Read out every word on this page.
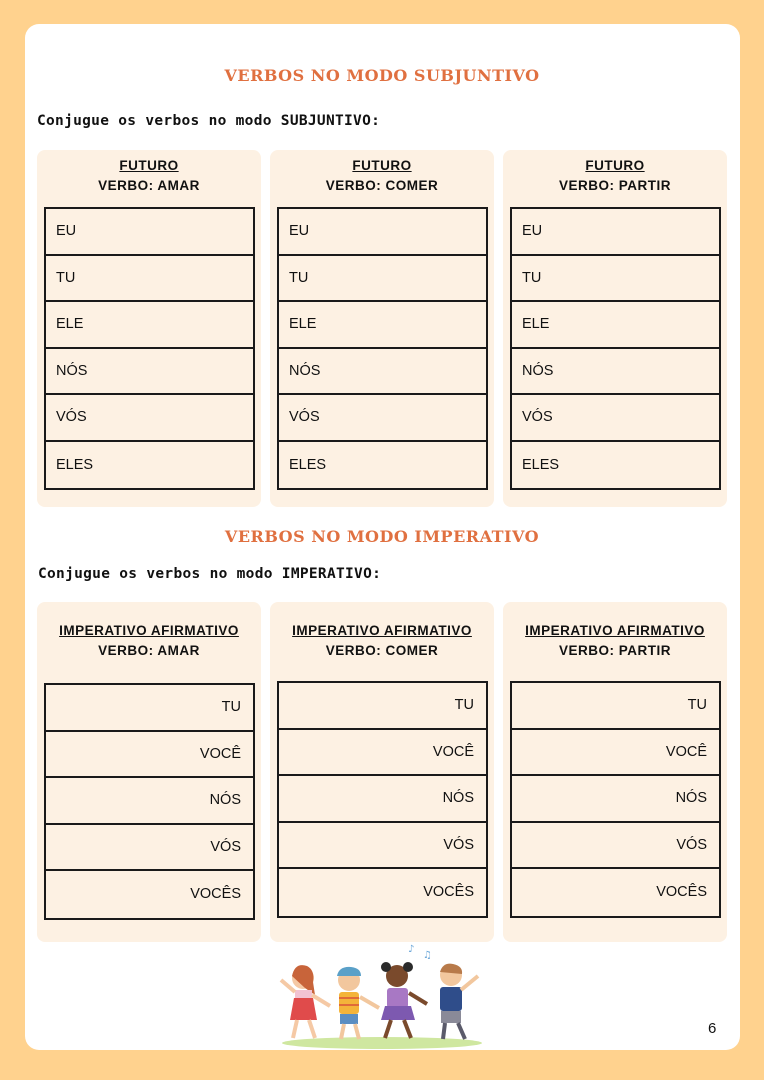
VERBOS NO MODO SUBJUNTIVO
Conjugue os verbos no modo SUBJUNTIVO:
FUTURO
VERBO: AMAR
EU
TU
ELE
NÓS
VÓS
ELES
FUTURO
VERBO: COMER
EU
TU
ELE
NÓS
VÓS
ELES
FUTURO
VERBO: PARTIR
EU
TU
ELE
NÓS
VÓS
ELES
VERBOS NO MODO IMPERATIVO
Conjugue os verbos no modo IMPERATIVO:
IMPERATIVO AFIRMATIVO
VERBO: AMAR
TU
VOCÊ
NÓS
VÓS
VOCÊS
IMPERATIVO AFIRMATIVO
VERBO: COMER
TU
VOCÊ
NÓS
VÓS
VOCÊS
IMPERATIVO AFIRMATIVO
VERBO: PARTIR
TU
VOCÊ
NÓS
VÓS
VOCÊS
♪
♫
6
